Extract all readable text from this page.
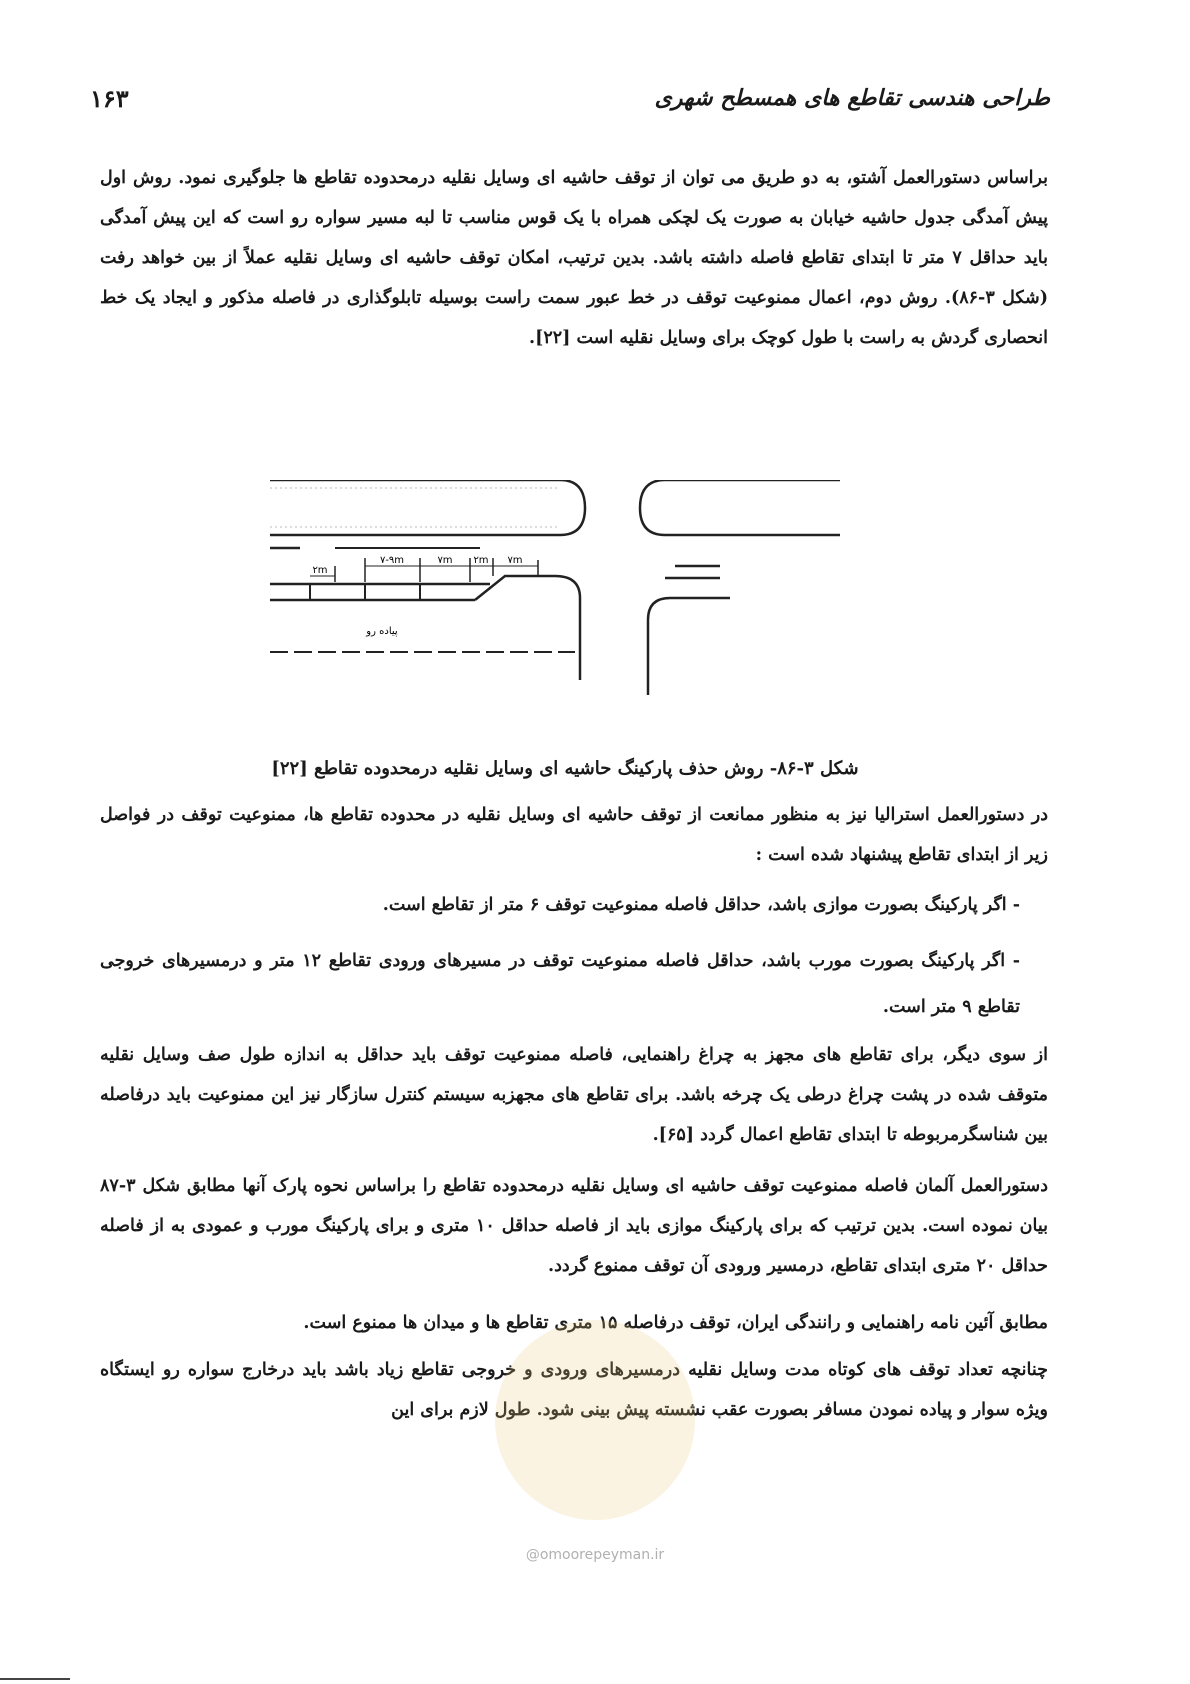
طراحی هندسی تقاطع های همسطح شهری
۱۶۳
براساس دستورالعمل آشتو، به دو طریق می توان از توقف حاشیه ای وسایل نقلیه درمحدوده تقاطع ها جلوگیری نمود. روش اول پیش آمدگی جدول حاشیه خیابان به صورت یک لچکی همراه با یک قوس مناسب تا لبه مسیر سواره رو است که این پیش آمدگی باید حداقل ۷ متر تا ابتدای تقاطع فاصله داشته باشد. بدین ترتیب، امکان توقف حاشیه ای وسایل نقلیه عملاً از بین خواهد رفت (شکل ۳-۸۶). روش دوم، اعمال ممنوعیت توقف در خط عبور سمت راست بوسیله تابلوگذاری در فاصله مذکور و ایجاد یک خط انحصاری گردش به راست با طول کوچک برای وسایل نقلیه است [۲۲].
۲m
۷-۹m	۷m ۲m ۷m
پیاده رو
شکل ۳-۸۶- روش حذف پارکینگ حاشیه ای وسایل نقلیه درمحدوده تقاطع [۲۲]
در دستورالعمل استرالیا نیز به منظور ممانعت از توقف حاشیه ای وسایل نقلیه در محدوده تقاطع ها، ممنوعیت توقف در فواصل زیر از ابتدای تقاطع پیشنهاد شده است :
- اگر پارکینگ بصورت موازی باشد، حداقل فاصله ممنوعیت توقف ۶ متر از تقاطع است.
- اگر پارکینگ بصورت مورب باشد، حداقل فاصله ممنوعیت توقف در مسیرهای ورودی تقاطع ۱۲ متر و درمسیرهای خروجی تقاطع ۹ متر است.
از سوی دیگر، برای تقاطع های مجهز به چراغ راهنمایی، فاصله ممنوعیت توقف باید حداقل به اندازه طول صف وسایل نقلیه متوقف شده در پشت چراغ درطی یک چرخه باشد. برای تقاطع های مجهزبه سیستم کنترل سازگار نیز این ممنوعیت باید درفاصله بین شناسگرمربوطه تا ابتدای تقاطع اعمال گردد [۶۵].
دستورالعمل آلمان فاصله ممنوعیت توقف حاشیه ای وسایل نقلیه درمحدوده تقاطع را براساس نحوه پارک آنها مطابق شکل ۳-۸۷ بیان نموده است. بدین ترتیب که برای پارکینگ موازی باید از فاصله حداقل ۱۰ متری و برای پارکینگ مورب و عمودی به از فاصله حداقل ۲۰ متری ابتدای تقاطع، درمسیر ورودی آن توقف ممنوع گردد.
مطابق آئین نامه راهنمایی و رانندگی ایران، توقف درفاصله ۱۵ متری تقاطع ها و میدان ها ممنوع است.
چنانچه تعداد توقف های کوتاه مدت وسایل نقلیه درمسیرهای ورودی و خروجی تقاطع زیاد باشد باید درخارج سواره رو ایستگاه ویژه سوار و پیاده نمودن مسافر بصورت عقب نشسته پیش بینی شود. طول لازم برای این
@omoorepeyman.ir
